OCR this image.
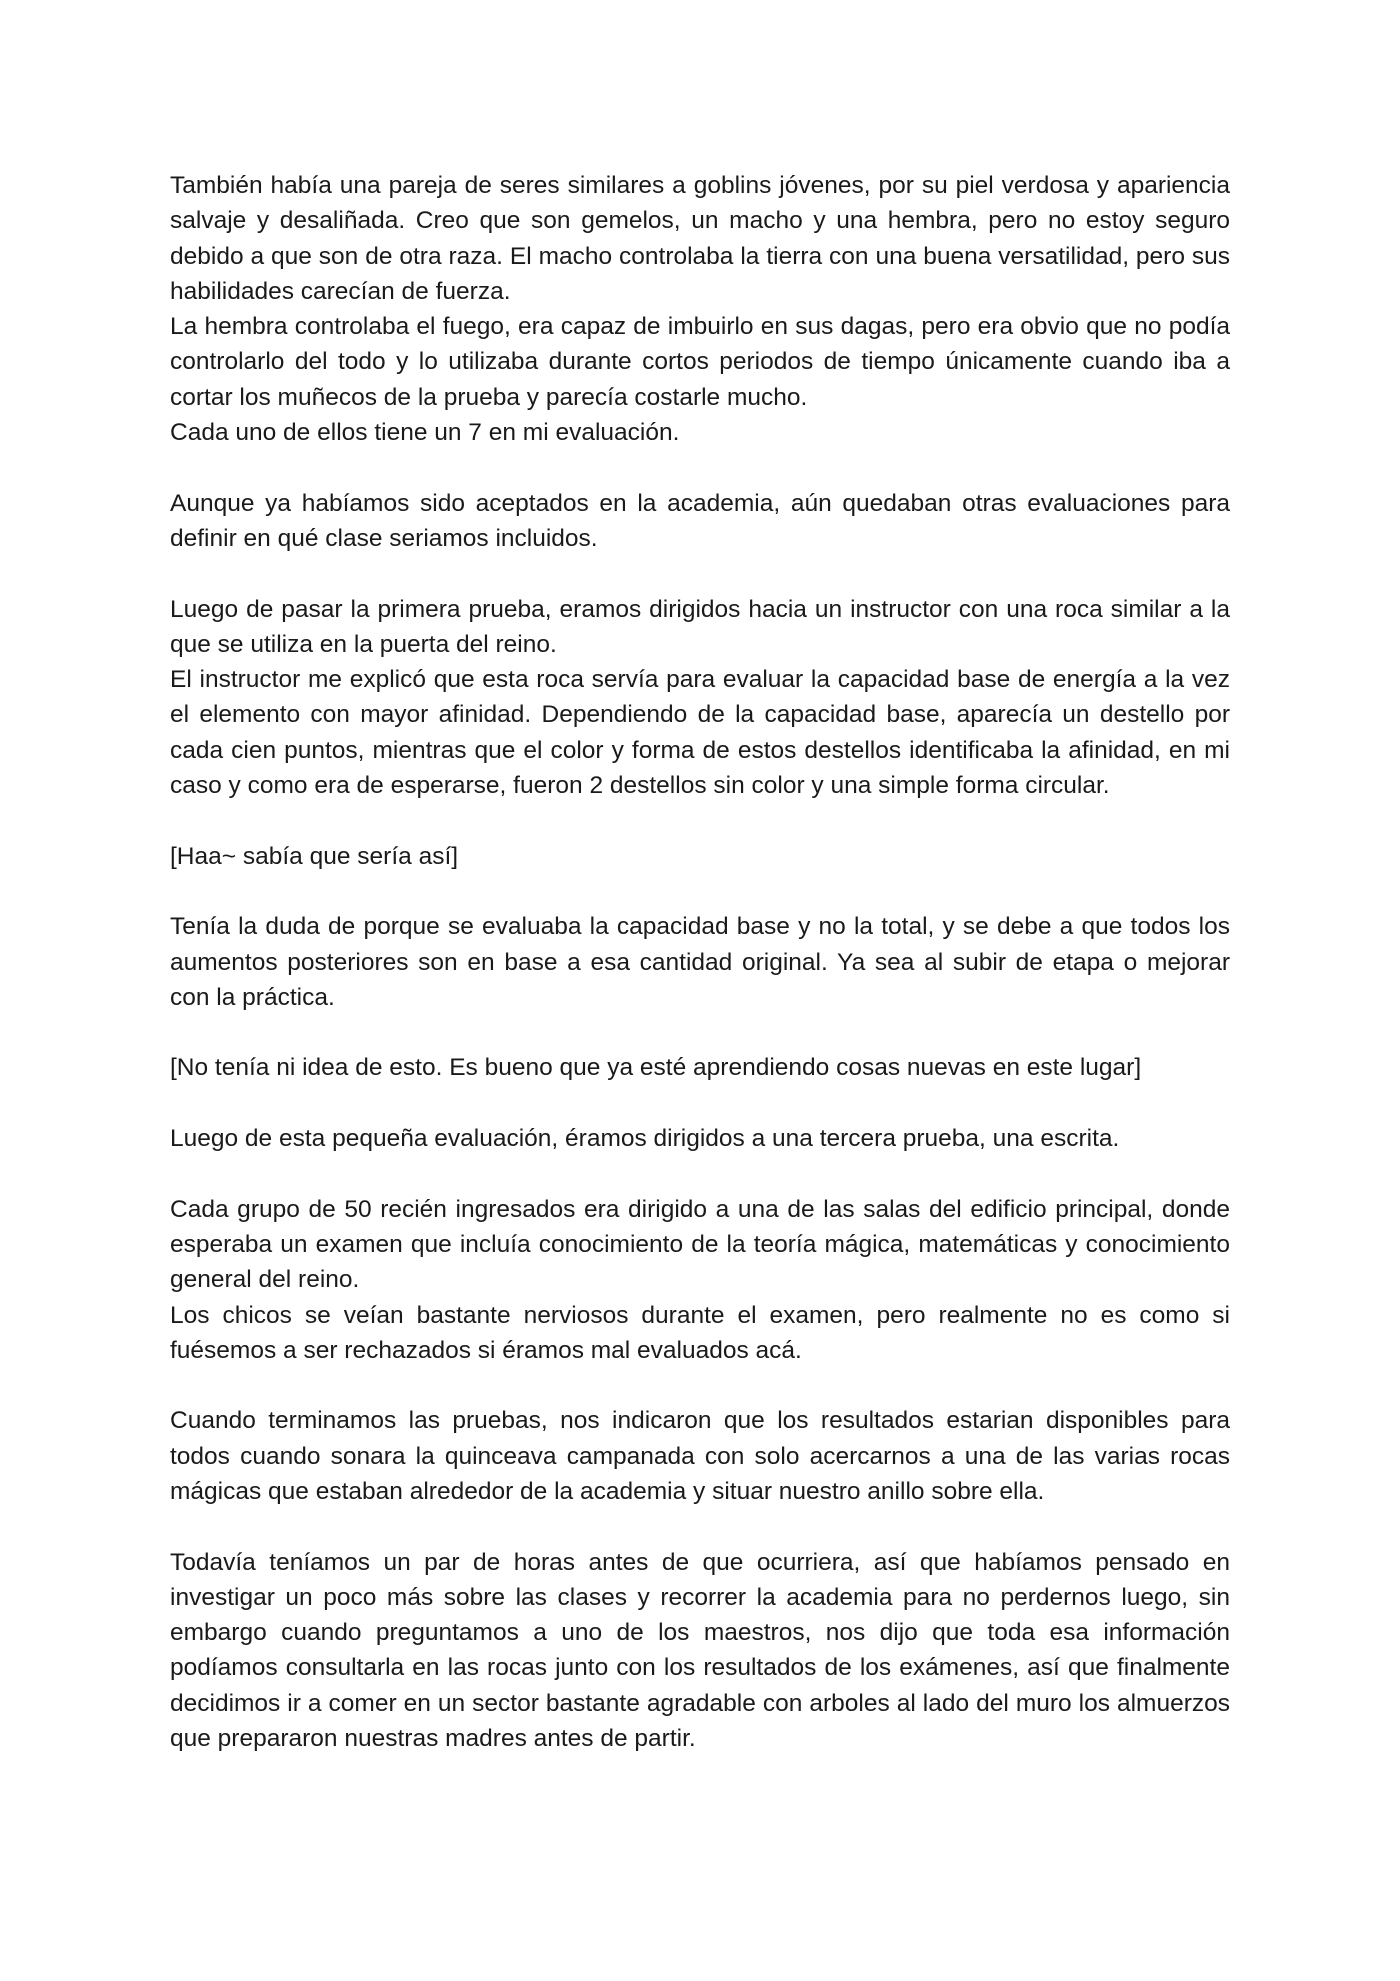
También había una pareja de seres similares a goblins jóvenes, por su piel verdosa y apariencia salvaje y desaliñada. Creo que son gemelos, un macho y una hembra, pero no estoy seguro debido a que son de otra raza. El macho controlaba la tierra con una buena versatilidad, pero sus habilidades carecían de fuerza.

La hembra controlaba el fuego, era capaz de imbuirlo en sus dagas, pero era obvio que no podía controlarlo del todo y lo utilizaba durante cortos periodos de tiempo únicamente cuando iba a cortar los muñecos de la prueba y parecía costarle mucho.

Cada uno de ellos tiene un 7 en mi evaluación.

Aunque ya habíamos sido aceptados en la academia, aún quedaban otras evaluaciones para definir en qué clase seriamos incluidos.

Luego de pasar la primera prueba, eramos dirigidos hacia un instructor con una roca similar a la que se utiliza en la puerta del reino.

El instructor me explicó que esta roca servía para evaluar la capacidad base de energía a la vez el elemento con mayor afinidad. Dependiendo de la capacidad base, aparecía un destello por cada cien puntos, mientras que el color y forma de estos destellos identificaba la afinidad, en mi caso y como era de esperarse, fueron 2 destellos sin color y una simple forma circular.

[Haa~ sabía que sería así]

Tenía la duda de porque se evaluaba la capacidad base y no la total, y se debe a que todos los aumentos posteriores son en base a esa cantidad original. Ya sea al subir de etapa o mejorar con la práctica.

[No tenía ni idea de esto. Es bueno que ya esté aprendiendo cosas nuevas en este lugar]

Luego de esta pequeña evaluación, éramos dirigidos a una tercera prueba, una escrita.

Cada grupo de 50 recién ingresados era dirigido a una de las salas del edificio principal, donde esperaba un examen que incluía conocimiento de la teoría mágica, matemáticas y conocimiento general del reino.

Los chicos se veían bastante nerviosos durante el examen, pero realmente no es como si fuésemos a ser rechazados si éramos mal evaluados acá.

Cuando terminamos las pruebas, nos indicaron que los resultados estarian disponibles para todos cuando sonara la quinceava campanada con solo acercarnos a una de las varias rocas mágicas que estaban alrededor de la academia y situar nuestro anillo sobre ella.

Todavía teníamos un par de horas antes de que ocurriera, así que habíamos pensado en investigar un poco más sobre las clases y recorrer la academia para no perdernos luego, sin embargo cuando preguntamos a uno de los maestros, nos dijo que toda esa información podíamos consultarla en las rocas junto con los resultados de los exámenes, así que finalmente decidimos ir a comer en un sector bastante agradable con arboles al lado del muro los almuerzos que prepararon nuestras madres antes de partir.
